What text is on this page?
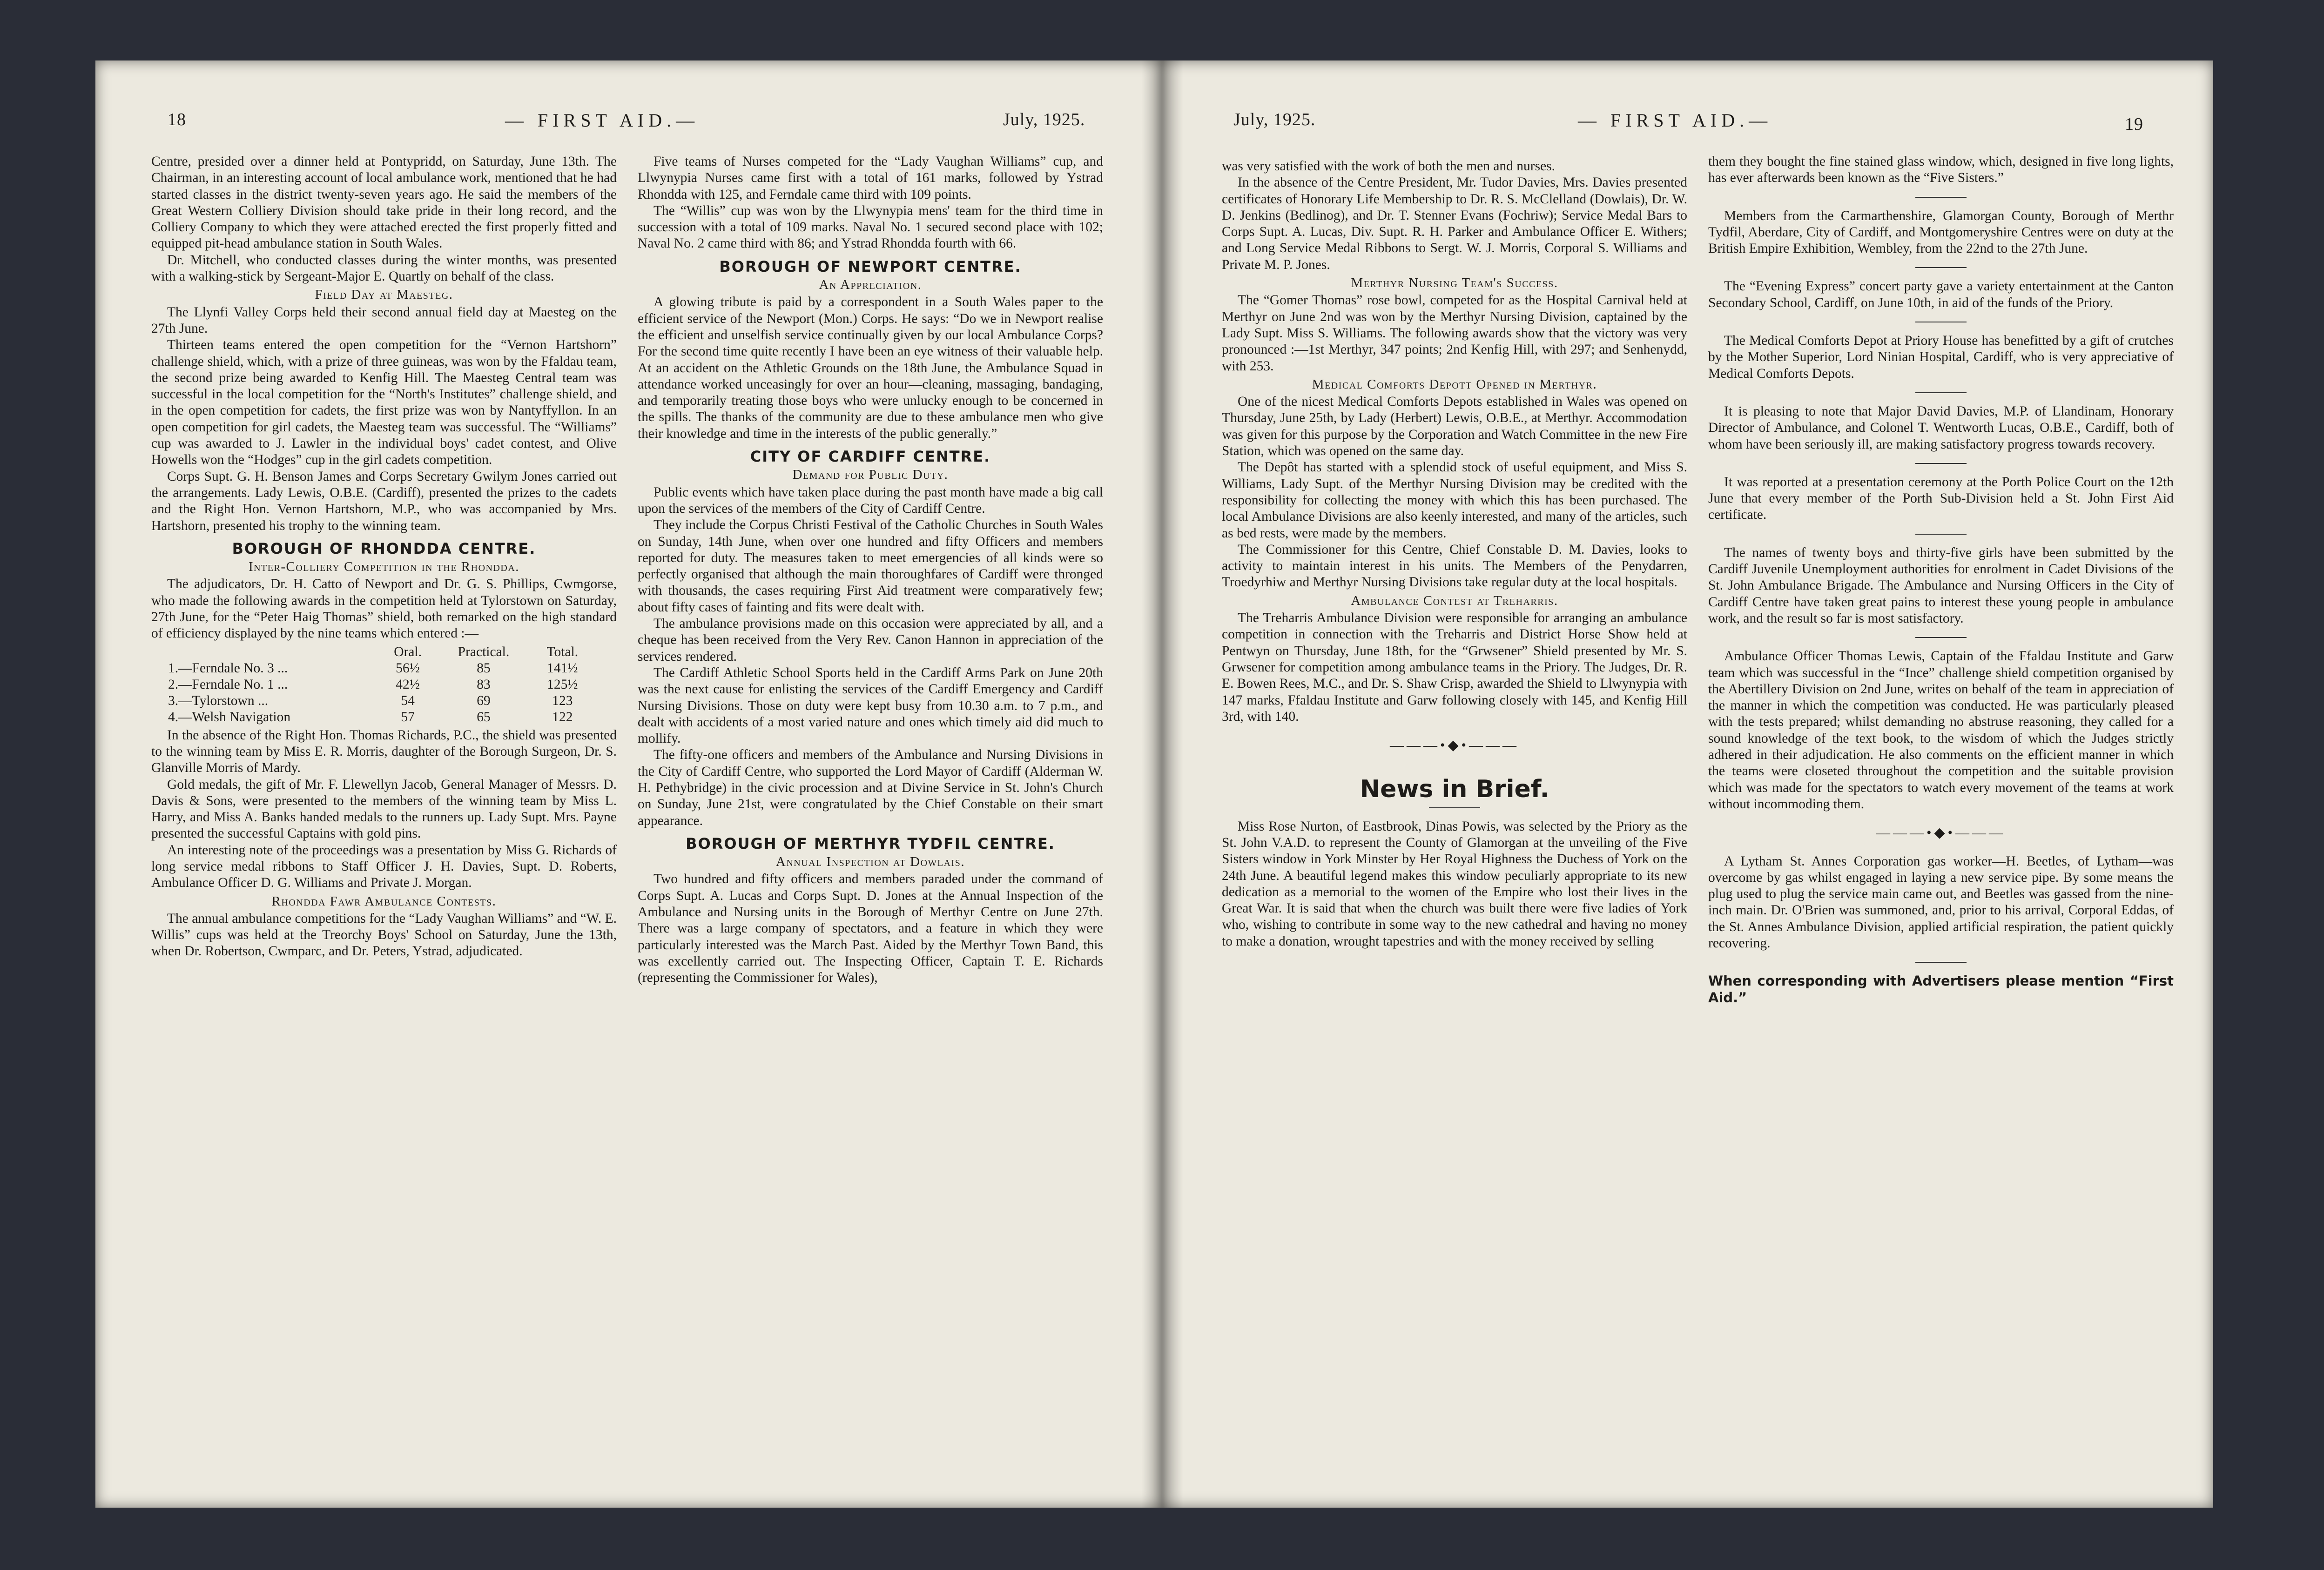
18	— FIRST AID.—	July, 1925.

Centre, presided over a dinner held at Pontypridd, on Saturday, June 13th. The Chairman, in an interesting account of local ambulance work, mentioned that he had started classes in the district twenty-seven years ago. He said the members of the Great Western Colliery Division should take pride in their long record, and the Colliery Company to which they were attached erected the first properly fitted and equipped pit-head ambulance station in South Wales.

Dr. Mitchell, who conducted classes during the winter months, was presented with a walking-stick by Sergeant-Major E. Quartly on behalf of the class.

Field Day at Maesteg.

The Llynfi Valley Corps held their second annual field day at Maesteg on the 27th June.

Thirteen teams entered the open competition for the “Vernon Hartshorn” challenge shield, which, with a prize of three guineas, was won by the Ffaldau team, the second prize being awarded to Kenfig Hill. The Maesteg Central team was successful in the local competition for the “North's Institutes” challenge shield, and in the open competition for cadets, the first prize was won by Nantyffyllon. In an open competition for girl cadets, the Maesteg team was successful. The “Williams” cup was awarded to J. Lawler in the individual boys' cadet contest, and Olive Howells won the “Hodges” cup in the girl cadets competition.

Corps Supt. G. H. Benson James and Corps Secretary Gwilym Jones carried out the arrangements. Lady Lewis, O.B.E. (Cardiff), presented the prizes to the cadets and the Right Hon. Vernon Hartshorn, M.P., who was accompanied by Mrs. Hartshorn, presented his trophy to the winning team.

BOROUGH OF RHONDDA CENTRE.
Inter-Colliery Competition in the Rhondda.

The adjudicators, Dr. H. Catto of Newport and Dr. G. S. Phillips, Cwmgorse, who made the following awards in the competition held at Tylorstown on Saturday, 27th June, for the “Peter Haig Thomas” shield, both remarked on the high standard of efficiency displayed by the nine teams which entered :—

	Oral.	Practical.	Total.
1.—Ferndale No. 3 ...	56½	85	141½
2.—Ferndale No. 1 ...	42½	83	125½
3.—Tylorstown ...	54	69	123
4.—Welsh Navigation	57	65	122

In the absence of the Right Hon. Thomas Richards, P.C., the shield was presented to the winning team by Miss E. R. Morris, daughter of the Borough Surgeon, Dr. S. Glanville Morris of Mardy.

Gold medals, the gift of Mr. F. Llewellyn Jacob, General Manager of Messrs. D. Davis & Sons, were presented to the members of the winning team by Miss L. Harry, and Miss A. Banks handed medals to the runners up. Lady Supt. Mrs. Payne presented the successful Captains with gold pins.

An interesting note of the proceedings was a presentation by Miss G. Richards of long service medal ribbons to Staff Officer J. H. Davies, Supt. D. Roberts, Ambulance Officer D. G. Williams and Private J. Morgan.

Rhondda Fawr Ambulance Contests.

The annual ambulance competitions for the “Lady Vaughan Williams” and “W. E. Willis” cups was held at the Treorchy Boys' School on Saturday, June the 13th, when Dr. Robertson, Cwmparc, and Dr. Peters, Ystrad, adjudicated.

Five teams of Nurses competed for the “Lady Vaughan Williams” cup, and Llwynypia Nurses came first with a total of 161 marks, followed by Ystrad Rhondda with 125, and Ferndale came third with 109 points.

The “Willis” cup was won by the Llwynypia mens' team for the third time in succession with a total of 109 marks. Naval No. 1 secured second place with 102; Naval No. 2 came third with 86; and Ystrad Rhondda fourth with 66.

BOROUGH OF NEWPORT CENTRE.
An Appreciation.

A glowing tribute is paid by a correspondent in a South Wales paper to the efficient service of the Newport (Mon.) Corps. He says: “Do we in Newport realise the efficient and unselfish service continually given by our local Ambulance Corps? For the second time quite recently I have been an eye witness of their valuable help. At an accident on the Athletic Grounds on the 18th June, the Ambulance Squad in attendance worked unceasingly for over an hour—cleaning, massaging, bandaging, and temporarily treating those boys who were unlucky enough to be concerned in the spills. The thanks of the community are due to these ambulance men who give their knowledge and time in the interests of the public generally.”

CITY OF CARDIFF CENTRE.
Demand for Public Duty.

Public events which have taken place during the past month have made a big call upon the services of the members of the City of Cardiff Centre.

They include the Corpus Christi Festival of the Catholic Churches in South Wales on Sunday, 14th June, when over one hundred and fifty Officers and members reported for duty. The measures taken to meet emergencies of all kinds were so perfectly organised that although the main thoroughfares of Cardiff were thronged with thousands, the cases requiring First Aid treatment were comparatively few; about fifty cases of fainting and fits were dealt with.

The ambulance provisions made on this occasion were appreciated by all, and a cheque has been received from the Very Rev. Canon Hannon in appreciation of the services rendered.

The Cardiff Athletic School Sports held in the Cardiff Arms Park on June 20th was the next cause for enlisting the services of the Cardiff Emergency and Cardiff Nursing Divisions. Those on duty were kept busy from 10.30 a.m. to 7 p.m., and dealt with accidents of a most varied nature and ones which timely aid did much to mollify.

The fifty-one officers and members of the Ambulance and Nursing Divisions in the City of Cardiff Centre, who supported the Lord Mayor of Cardiff (Alderman W. H. Pethybridge) in the civic procession and at Divine Service in St. John's Church on Sunday, June 21st, were congratulated by the Chief Constable on their smart appearance.

BOROUGH OF MERTHYR TYDFIL CENTRE.
Annual Inspection at Dowlais.

Two hundred and fifty officers and members paraded under the command of Corps Supt. A. Lucas and Corps Supt. D. Jones at the Annual Inspection of the Ambulance and Nursing units in the Borough of Merthyr Centre on June 27th. There was a large company of spectators, and a feature in which they were particularly interested was the March Past. Aided by the Merthyr Town Band, this was excellently carried out. The Inspecting Officer, Captain T. E. Richards (representing the Commissioner for Wales),

July, 1925.	— FIRST AID.—	19

was very satisfied with the work of both the men and nurses.

In the absence of the Centre President, Mr. Tudor Davies, Mrs. Davies presented certificates of Honorary Life Membership to Dr. R. S. McClelland (Dowlais), Dr. W. D. Jenkins (Bedlinog), and Dr. T. Stenner Evans (Fochriw); Service Medal Bars to Corps Supt. A. Lucas, Div. Supt. R. H. Parker and Ambulance Officer E. Withers; and Long Service Medal Ribbons to Sergt. W. J. Morris, Corporal S. Williams and Private M. P. Jones.

Merthyr Nursing Team's Success.

The “Gomer Thomas” rose bowl, competed for as the Hospital Carnival held at Merthyr on June 2nd was won by the Merthyr Nursing Division, captained by the Lady Supt. Miss S. Williams. The following awards show that the victory was very pronounced :—1st Merthyr, 347 points; 2nd Kenfig Hill, with 297; and Senhenydd, with 253.

Medical Comforts Depott Opened in Merthyr.

One of the nicest Medical Comforts Depots established in Wales was opened on Thursday, June 25th, by Lady (Herbert) Lewis, O.B.E., at Merthyr. Accommodation was given for this purpose by the Corporation and Watch Committee in the new Fire Station, which was opened on the same day.

The Depôt has started with a splendid stock of useful equipment, and Miss S. Williams, Lady Supt. of the Merthyr Nursing Division may be credited with the responsibility for collecting the money with which this has been purchased. The local Ambulance Divisions are also keenly interested, and many of the articles, such as bed rests, were made by the members.

The Commissioner for this Centre, Chief Constable D. M. Davies, looks to activity to maintain interest in his units. The Members of the Penydarren, Troedyrhiw and Merthyr Nursing Divisions take regular duty at the local hospitals.

Ambulance Contest at Treharris.

The Treharris Ambulance Division were responsible for arranging an ambulance competition in connection with the Treharris and District Horse Show held at Pentwyn on Thursday, June 18th, for the “Grwsener” Shield presented by Mr. S. Grwsener for competition among ambulance teams in the Priory. The Judges, Dr. R. E. Bowen Rees, M.C., and Dr. S. Shaw Crisp, awarded the Shield to Llwynypia with 147 marks, Ffaldau Institute and Garw following closely with 145, and Kenfig Hill 3rd, with 140.

———•◆•———
News in Brief.

Miss Rose Nurton, of Eastbrook, Dinas Powis, was selected by the Priory as the St. John V.A.D. to represent the County of Glamorgan at the unveiling of the Five Sisters window in York Minster by Her Royal Highness the Duchess of York on the 24th June. A beautiful legend makes this window peculiarly appropriate to its new dedication as a memorial to the women of the Empire who lost their lives in the Great War. It is said that when the church was built there were five ladies of York who, wishing to contribute in some way to the new cathedral and having no money to make a donation, wrought tapestries and with the money received by selling

them they bought the fine stained glass window, which, designed in five long lights, has ever afterwards been known as the “Five Sisters.”

Members from the Carmarthenshire, Glamorgan County, Borough of Merthr Tydfil, Aberdare, City of Cardiff, and Montgomeryshire Centres were on duty at the British Empire Exhibition, Wembley, from the 22nd to the 27th June.

The “Evening Express” concert party gave a variety entertainment at the Canton Secondary School, Cardiff, on June 10th, in aid of the funds of the Priory.

The Medical Comforts Depot at Priory House has benefitted by a gift of crutches by the Mother Superior, Lord Ninian Hospital, Cardiff, who is very appreciative of Medical Comforts Depots.

It is pleasing to note that Major David Davies, M.P. of Llandinam, Honorary Director of Ambulance, and Colonel T. Wentworth Lucas, O.B.E., Cardiff, both of whom have been seriously ill, are making satisfactory progress towards recovery.

It was reported at a presentation ceremony at the Porth Police Court on the 12th June that every member of the Porth Sub-Division held a St. John First Aid certificate.

The names of twenty boys and thirty-five girls have been submitted by the Cardiff Juvenile Unemployment authorities for enrolment in Cadet Divisions of the St. John Ambulance Brigade. The Ambulance and Nursing Officers in the City of Cardiff Centre have taken great pains to interest these young people in ambulance work, and the result so far is most satisfactory.

Ambulance Officer Thomas Lewis, Captain of the Ffaldau Institute and Garw team which was successful in the “Ince” challenge shield competition organised by the Abertillery Division on 2nd June, writes on behalf of the team in appreciation of the manner in which the competition was conducted. He was particularly pleased with the tests prepared; whilst demanding no abstruse reasoning, they called for a sound knowledge of the text book, to the wisdom of which the Judges strictly adhered in their adjudication. He also comments on the efficient manner in which the teams were closeted throughout the competition and the suitable provision which was made for the spectators to watch every movement of the teams at work without incommoding them.

———•◆•———

A Lytham St. Annes Corporation gas worker—H. Beetles, of Lytham—was overcome by gas whilst engaged in laying a new service pipe. By some means the plug used to plug the service main came out, and Beetles was gassed from the nine-inch main. Dr. O'Brien was summoned, and, prior to his arrival, Corporal Eddas, of the St. Annes Ambulance Division, applied artificial respiration, the patient quickly recovering.

When corresponding with Advertisers please mention “First Aid.”
